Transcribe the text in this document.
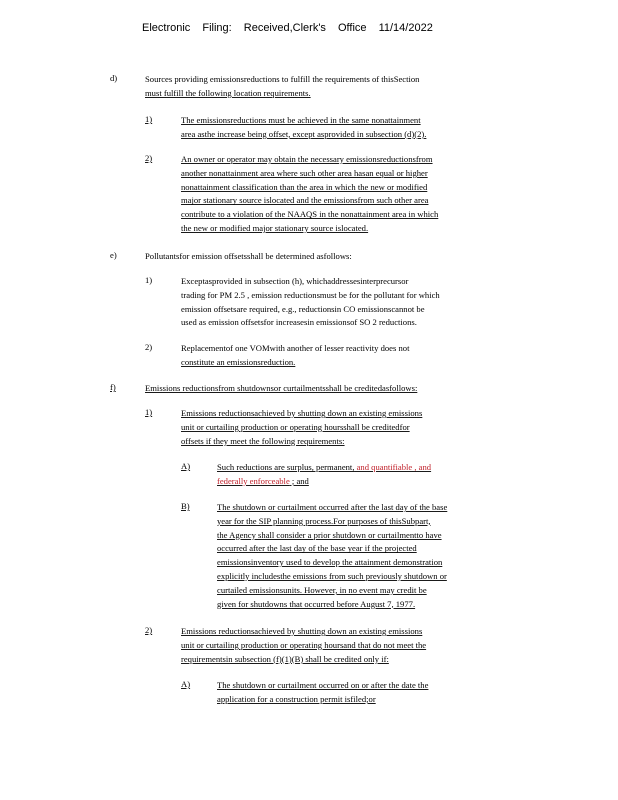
Electronic Filing: Received,Clerk's Office 11/14/2022
d)	Sources providing emissionsreductions to fulfill the requirements of thisSection
must fulfill the following location requirements.
1)	The emissionsreductions must be achieved in the same nonattainment
area asthe increase being offset, except asprovided in subsection (d)(2).
2)	An owner or operator may obtain the necessary emissionsreductionsfrom
another nonattainment area where such other area hasan equal or higher
nonattainment classification than the area in which the new or modified
major stationary source islocated and the emissionsfrom such other area
contribute to a violation of the NAAQS in the nonattainment area in which
the new or modified major stationary source islocated.
e)	Pollutantsfor emission offsetsshall be determined asfollows:
1)	Exceptasprovided in subsection (h), whichaddressesinterprecursor
trading for PM 2.5 , emission reductionsmust be for the pollutant for which
emission offsetsare required, e.g., reductionsin CO emissionscannot be
used as emission offsetsfor increasesin emissionsof SO 2 reductions.
2)	Replacementof one VOMwith another of lesser reactivity does not
constitute an emissionsreduction.
f)	Emissions reductionsfrom shutdownsor curtailmentsshall be creditedasfollows:
1)	Emissions reductionsachieved by shutting down an existing emissions
unit or curtailing production or operating hoursshall be creditedfor
offsets if they meet the following requirements:
A)	Such reductions are surplus, permanent, and quantifiable , and
federally enforceable ; and
B)	The shutdown or curtailment occurred after the last day of the base
year for the SIP planning process.For purposes of thisSubpart,
the Agency shall consider a prior shutdown or curtailmentto have
occurred after the last day of the base year if the projected
emissionsinventory used to develop the attainment demonstration
explicitly includesthe emissions from such previously shutdown or
curtailed emissionsunits. However, in no event may credit be
given for shutdowns that occurred before August 7, 1977.
2)	Emissions reductionsachieved by shutting down an existing emissions
unit or curtailing production or operating hoursand that do not meet the
requirementsin subsection (f)(1)(B) shall be credited only if:
A)	The shutdown or curtailment occurred on or after the date the
application for a construction permit isfiled;or
